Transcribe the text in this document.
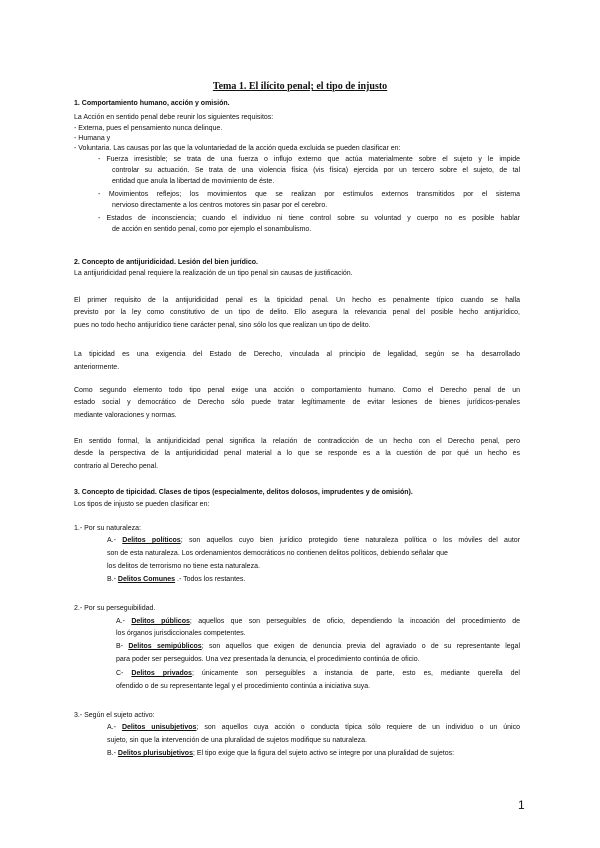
Tema 1. El ilícito penal; el tipo de injusto
1. Comportamiento humano, acción y omisión.
La Acción en sentido penal debe reunir los siguientes requisitos:
- Externa, pues el pensamiento nunca delinque.
- Humana y
- Voluntaria. Las causas por las que la voluntariedad de la acción queda excluida se pueden clasificar en:
- Fuerza irresistible; se trata de una fuerza o influjo externo que actúa materialmente sobre el sujeto y le impide
controlar su actuación. Se trata de una violencia física (vis física) ejercida por un tercero sobre el sujeto, de tal
entidad que anula la libertad de movimiento de éste.
- Movimientos reflejos; los movimientos que se realizan por estímulos externos transmitidos por el sistema
nervioso directamente a los centros motores sin pasar por el cerebro.
- Estados de inconsciencia; cuando el individuo ni tiene control sobre su voluntad y cuerpo no es posible hablar
de acción en sentido penal, como por ejemplo el sonambulismo.
2. Concepto de antijuridicidad. Lesión del bien jurídico.
La antijuridicidad penal requiere la realización de un tipo penal sin causas de justificación.
El primer requisito de la antijuridicidad penal es la tipicidad penal. Un hecho es penalmente típico cuando se halla
previsto por la ley como constitutivo de un tipo de delito. Ello asegura la relevancia penal del posible hecho antijurídico,
pues no todo hecho antijurídico tiene carácter penal, sino sólo los que realizan un tipo de delito.
La tipicidad es una exigencia del Estado de Derecho, vinculada al principio de legalidad, según se ha desarrollado
anteriormente.
Como segundo elemento todo tipo penal exige una acción o comportamiento humano. Como el Derecho penal de un
estado social y democrático de Derecho sólo puede tratar legítimamente de evitar lesiones de bienes jurídicos-penales
mediante valoraciones y normas.
En sentido formal, la antijuridicidad penal significa la relación de contradicción de un hecho con el Derecho penal, pero
desde la perspectiva de la antijuridicidad penal material a lo que se responde es a la cuestión de por qué un hecho es
contrario al Derecho penal.
3. Concepto de tipicidad. Clases de tipos (especialmente, delitos dolosos, imprudentes y de omisión).
Los tipos de injusto se pueden clasificar en:
1.- Por su naturaleza:
A.- Delitos políticos; son aquellos cuyo bien jurídico protegido tiene naturaleza política o los móviles del autor
son de esta naturaleza. Los ordenamientos democráticos no contienen delitos políticos, debiendo señalar que
los delitos de terrorismo no tiene esta naturaleza.
B.- Delitos Comunes .- Todos los restantes.
2.- Por su perseguibilidad.
A.- Delitos públicos; aquellos que son perseguibles de oficio, dependiendo la incoación del procedimiento de
los órganos jurisdiccionales competentes.
B- Delitos semipúblicos; son aquellos que exigen de denuncia previa del agraviado o de su representante legal
para poder ser perseguidos. Una vez presentada la denuncia, el procedimiento continúa de oficio.
C- Delitos privados; únicamente son perseguibles a instancia de parte, esto es, mediante querella del
ofendido o de su representante legal y el procedimiento continúa a iniciativa suya.
3.- Según el sujeto activo:
A.- Delitos unisubjetivos; son aquellos cuya acción o conducta típica sólo requiere de un individuo o un único
sujeto, sin que la intervención de una pluralidad de sujetos modifique su naturaleza.
B.- Delitos plurisubjetivos; El tipo exige que la figura del sujeto activo se integre por una pluralidad de sujetos:
1
